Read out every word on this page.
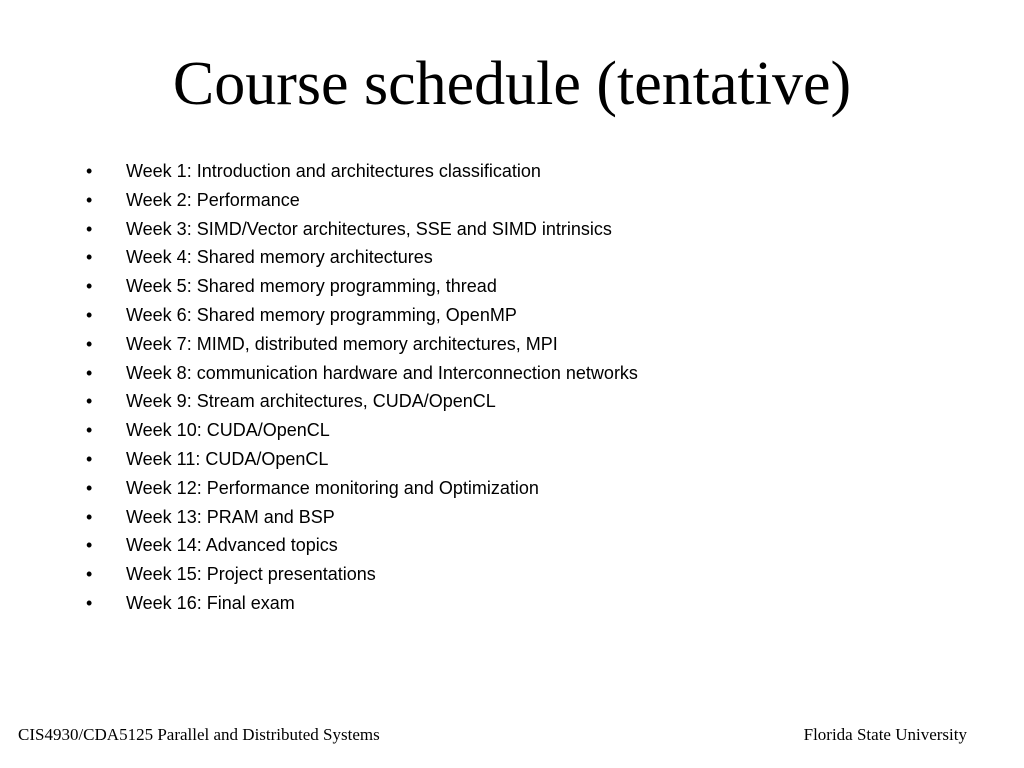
Course schedule (tentative)
• Week 1: Introduction and architectures classification
• Week 2: Performance
• Week 3: SIMD/Vector architectures, SSE and SIMD intrinsics
• Week 4: Shared memory architectures
• Week 5: Shared memory programming, thread
• Week 6: Shared memory programming, OpenMP
• Week 7: MIMD, distributed memory architectures, MPI
• Week 8: communication hardware and Interconnection networks
• Week 9: Stream architectures, CUDA/OpenCL
• Week 10: CUDA/OpenCL
• Week 11: CUDA/OpenCL
• Week 12: Performance monitoring and Optimization
• Week 13: PRAM and BSP
• Week 14: Advanced topics
• Week 15: Project presentations
• Week 16: Final exam
CIS4930/CDA5125 Parallel and Distributed Systems	Florida State University
